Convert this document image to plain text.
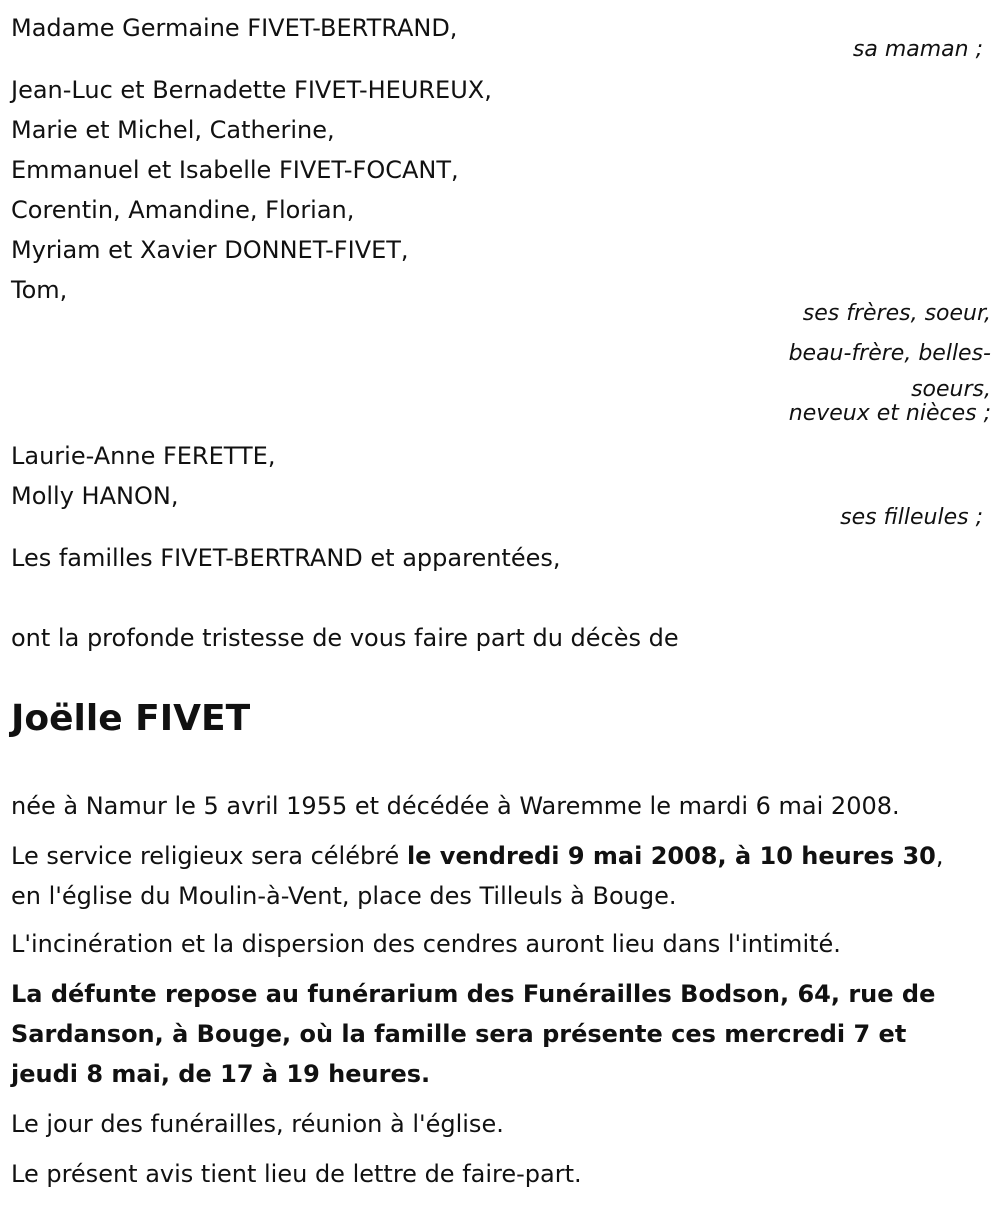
Madame Germaine FIVET-BERTRAND,
sa maman ;
Jean-Luc et Bernadette FIVET-HEUREUX,
Marie et Michel, Catherine,
Emmanuel et Isabelle FIVET-FOCANT,
Corentin, Amandine, Florian,
Myriam et Xavier DONNET-FIVET,
Tom,
ses frères, soeur,
beau-frère, belles-
soeurs,
neveux et nièces ;
Laurie-Anne FERETTE,
Molly HANON,
ses filleules ;
Les familles FIVET-BERTRAND et apparentées,
ont la profonde tristesse de vous faire part du décès de
Joëlle FIVET
née à Namur le 5 avril 1955 et décédée à Waremme le mardi 6 mai 2008.
Le service religieux sera célébré le vendredi 9 mai 2008, à 10 heures 30,
en l'église du Moulin-à-Vent, place des Tilleuls à Bouge.
L'incinération et la dispersion des cendres auront lieu dans l'intimité.
La défunte repose au funérarium des Funérailles Bodson, 64, rue de Sardanson, à Bouge, où la famille sera présente ces mercredi 7 et jeudi 8 mai, de 17 à 19 heures.
Le jour des funérailles, réunion à l'église.
Le présent avis tient lieu de lettre de faire-part.
